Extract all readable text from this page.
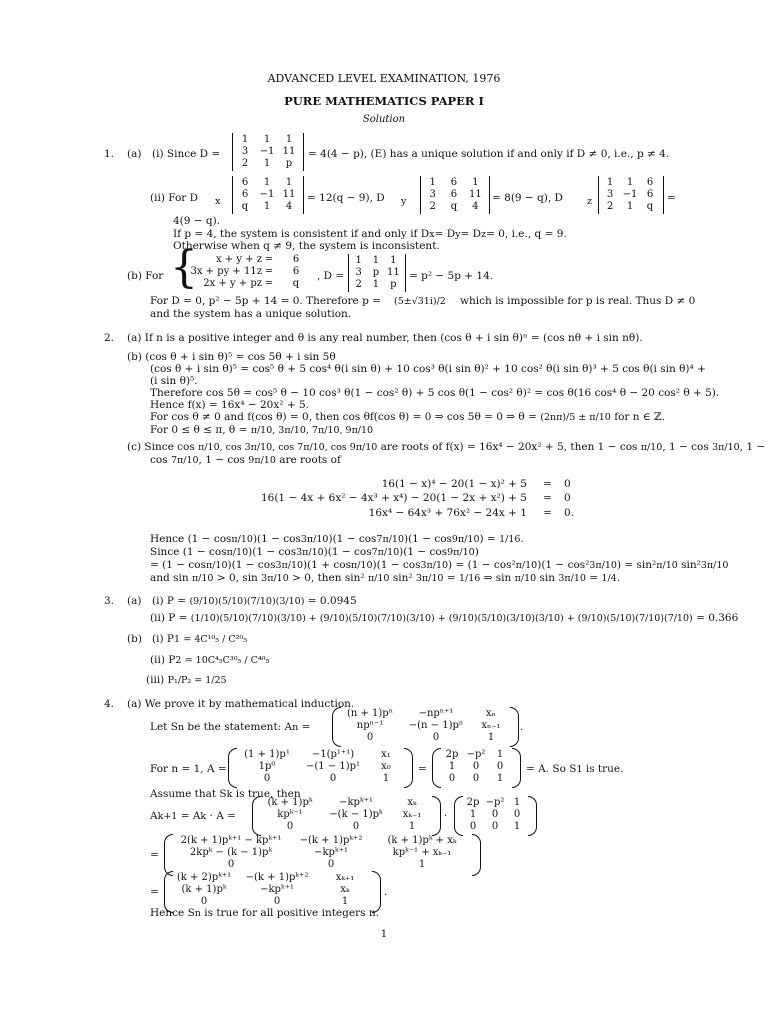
ADVANCED LEVEL EXAMINATION, 1976
PURE MATHEMATICS PAPER I
Solution
1. (a) (i) Since D =
1	1	1
3	−1 11
2	1	p
= 4(4 − p), (E) has a unique solution if and only if D ≠ 0, i.e., p ≠ 4.
(ii) For D x
6	1	1
6	−1 11
q	1	4
= 12(q − 9), D y
1	6	1
3	6	11
2	q	4
= 8(9 − q), D	z
1	1	6
3 −1 6
2	1	q
=
4(9 − q).
If p = 4, the system is consistent if and only if Dx= Dy= Dz= 0, i.e., q = 9.
Otherwise when q ≠ 9, the system is inconsistent.
(b) For {	x + y + z =	6
3x + py + 11z =	6
2x + y + pz =	q
, D =
1	1	1
3	p 11
2	1	p
= p² − 5p + 14.
For D = 0, p² − 5p + 14 = 0. Therefore p = (5±√31i)/2 which is impossible for p is real. Thus D ≠ 0
and the system has a unique solution.
2. (a) If n is a positive integer and θ is any real number, then (cos θ + i sin θ)ⁿ = (cos nθ + i sin nθ).
(b) (cos θ + i sin θ)⁵ = cos 5θ + i sin 5θ
(cos θ + i sin θ)⁵ = cos⁵ θ + 5 cos⁴ θ(i sin θ) + 10 cos³ θ(i sin θ)² + 10 cos² θ(i sin θ)³ + 5 cos θ(i sin θ)⁴ +
(i sin θ)⁵.
Therefore cos 5θ = cos⁵ θ − 10 cos³ θ(1 − cos² θ) + 5 cos θ(1 − cos² θ)² = cos θ(16 cos⁴ θ − 20 cos² θ + 5).
Hence f(x) = 16x⁴ − 20x² + 5.
For cos θ ≠ 0 and f(cos θ) = 0, then cos θf(cos θ) = 0 ⇒ cos 5θ = 0 ⇒ θ = (2nπ)/5 ± π/10 for n ∈ ℤ.
For 0 ≤ θ ≤ π, θ = π/10, 3π/10, 7π/10, 9π/10
(c) Since cos π/10, cos 3π/10, cos 7π/10, cos 9π/10 are roots of f(x) = 16x⁴ − 20x² + 5, then 1 − cos π/10, 1 − cos 3π/10, 1 −
cos 7π/10, 1 − cos 9π/10 are roots of
16(1 − x)⁴ − 20(1 − x)² + 5 = 0
16(1 − 4x + 6x² − 4x³ + x⁴) − 20(1 − 2x + x²) + 5 = 0
16x⁴ − 64x³ + 76x² − 24x + 1 = 0.
Hence (1 − cosπ/10)(1 − cos3π/10)(1 − cos7π/10)(1 − cos9π/10) = 1/16.
Since (1 − cosπ/10)(1 − cos3π/10)(1 − cos7π/10)(1 − cos9π/10)
= (1 − cosπ/10)(1 − cos3π/10)(1 + cosπ/10)(1 − cos3π/10) = (1 − cos²π/10)(1 − cos²3π/10) = sin²π/10 sin²3π/10
and sin π/10 > 0, sin 3π/10 > 0, then sin² π/10 sin² 3π/10 = 1/16 ⇒ sin π/10 sin 3π/10 = 1/4.
3. (a) (i) P = (9/10)(5/10)(7/10)(3/10) = 0.0945
(ii) P = (1/10)(5/10)(7/10)(3/10) + (9/10)(5/10)(7/10)(3/10) + (9/10)(5/10)(3/10)(3/10) + (9/10)(5/10)(7/10)(7/10) = 0.366
(b) (i) P1 = 4C¹⁰₅ / C²⁰₅
(ii) P2 = 10C⁴₅C³⁰₅ / C⁴⁰₅
(iii) P₁/P₂ = 1/25
4. (a) We prove it by mathematical induction.
Let Sn be the statement: An =
(n + 1)pⁿ	−npⁿ⁺¹	xₙ
npⁿ⁻¹	−(n − 1)pⁿ	xₙ₋₁
0	0	1
.
For n = 1, A =
(1 + 1)p¹	−1(p¹⁺¹)	x₁
1p⁰	−(1 − 1)p¹	x₀
0	0	1
=
2p −p²	1
1	0	0
0	0	1
= A. So S1 is true.
Assume that Sk is true, then
Ak+1 = Ak · A =
(k + 1)pᵏ	−kpᵏ⁺¹	xₖ
kpᵏ⁻¹	−(k − 1)pᵏ	xₖ₋₁
0	0	1
·
2p −p² 1
1	0	0
0	0	1
=
2(k + 1)pᵏ⁺¹ − kpᵏ⁺¹	−(k + 1)pᵏ⁺²	(k + 1)pᵏ + xₖ
2kpᵏ − (k − 1)pᵏ	−kpᵏ⁺¹	kpᵏ⁻¹ + xₖ₋₁
0	0	1
=
(k + 2)pᵏ⁺¹	−(k + 1)pᵏ⁺²	xₖ₊₁
(k + 1)pᵏ	−kpᵏ⁺¹	xₖ
0	0	1
.
Hence Sn is true for all positive integers n.
1
